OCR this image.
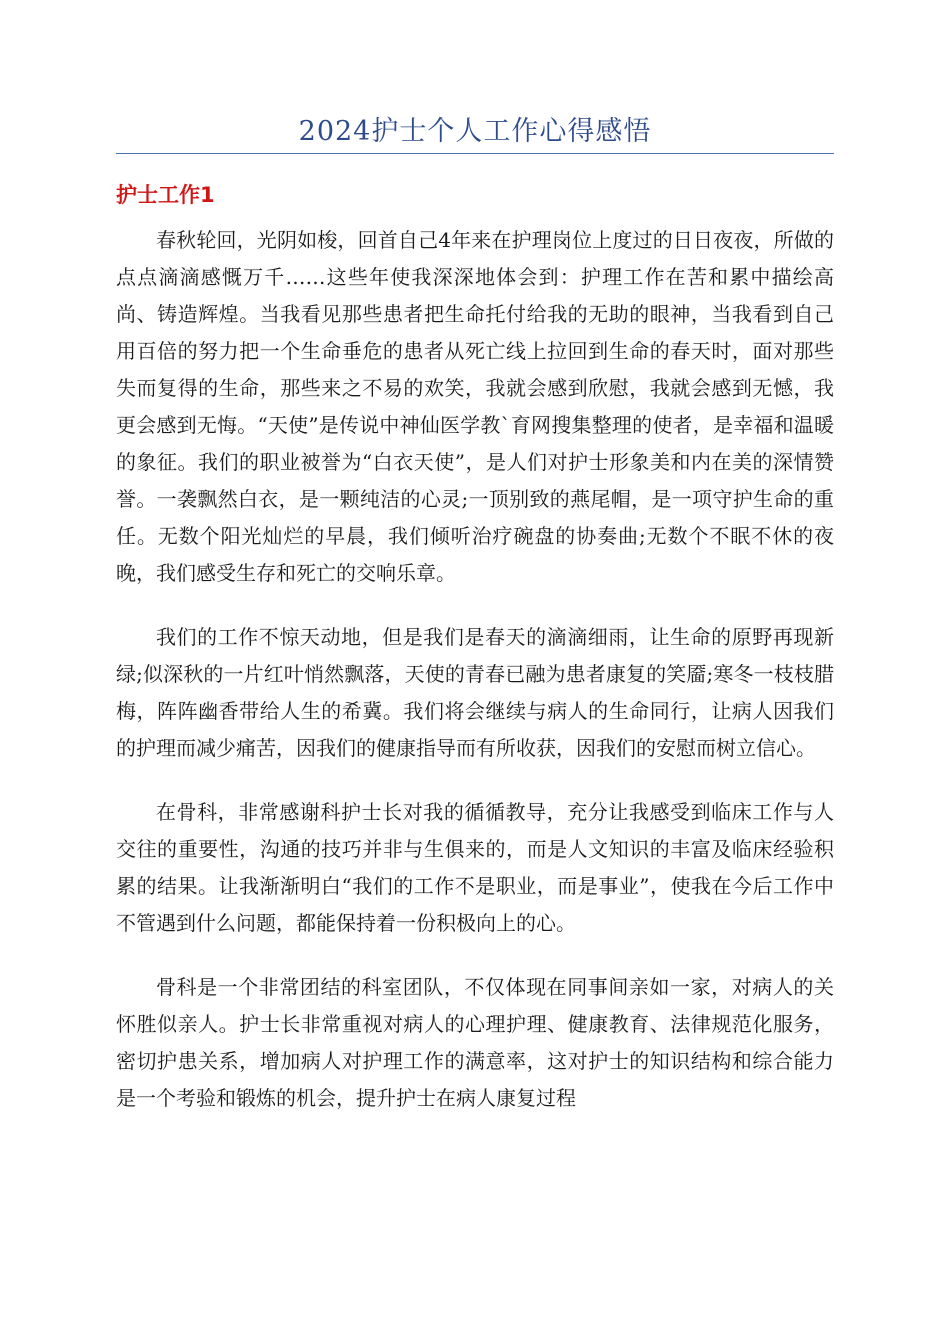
2024护士个人工作心得感悟
护士工作1

春秋轮回，光阴如梭，回首自己4年来在护理岗位上度过的日日夜夜，所做的点点滴滴感慨万千……这些年使我深深地体会到：护理工作在苦和累中描绘高尚、铸造辉煌。当我看见那些患者把生命托付给我的无助的眼神，当我看到自己用百倍的努力把一个生命垂危的患者从死亡线上拉回到生命的春天时，面对那些失而复得的生命，那些来之不易的欢笑，我就会感到欣慰，我就会感到无憾，我更会感到无悔。“天使”是传说中神仙医学教`育网搜集整理的使者，是幸福和温暖的象征。我们的职业被誉为“白衣天使”，是人们对护士形象美和内在美的深情赞誉。一袭飘然白衣，是一颗纯洁的心灵;一顶别致的燕尾帽，是一项守护生命的重任。无数个阳光灿烂的早晨，我们倾听治疗碗盘的协奏曲;无数个不眠不休的夜晚，我们感受生存和死亡的交响乐章。

我们的工作不惊天动地，但是我们是春天的滴滴细雨，让生命的原野再现新绿;似深秋的一片红叶悄然飘落，天使的青春已融为患者康复的笑靥;寒冬一枝枝腊梅，阵阵幽香带给人生的希冀。我们将会继续与病人的生命同行，让病人因我们的护理而减少痛苦，因我们的健康指导而有所收获，因我们的安慰而树立信心。

在骨科，非常感谢科护士长对我的循循教导，充分让我感受到临床工作与人交往的重要性，沟通的技巧并非与生俱来的，而是人文知识的丰富及临床经验积累的结果。让我渐渐明白“我们的工作不是职业，而是事业”，使我在今后工作中不管遇到什么问题，都能保持着一份积极向上的心。

骨科是一个非常团结的科室团队，不仅体现在同事间亲如一家，对病人的关怀胜似亲人。护士长非常重视对病人的心理护理、健康教育、法律规范化服务，密切护患关系，增加病人对护理工作的满意率，这对护士的知识结构和综合能力是一个考验和锻炼的机会，提升护士在病人康复过程
